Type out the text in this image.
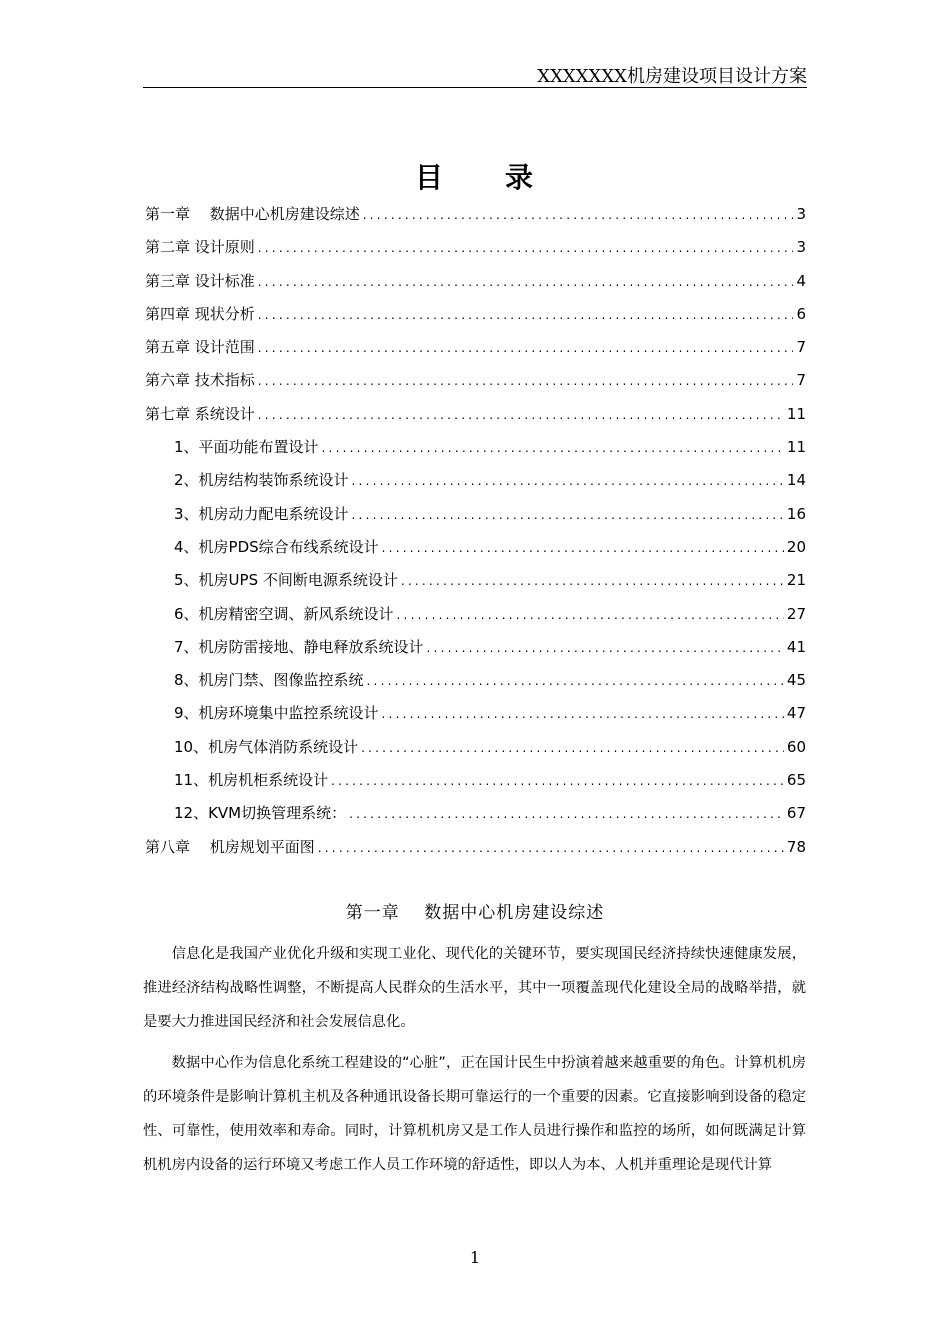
XXXXXXX机房建设项目设计方案
目 录
第一章　 数据中心机房建设综述 .....	3
第二章 设计原则 .....	3
第三章 设计标准 .....	4
第四章 现状分析 .....	6
第五章 设计范围 .....	7
第六章 技术指标 .....	7
第七章 系统设计 .....	11
1、平面功能布置设计 .....	11
2、机房结构装饰系统设计 .....	14
3、机房动力配电系统设计 .....	16
4、机房PDS综合布线系统设计 .....	20
5、机房UPS 不间断电源系统设计 .....	21
6、机房精密空调、新风系统设计 .....	27
7、机房防雷接地、静电释放系统设计 .....	41
8、机房门禁、图像监控系统 .....	45
9、机房环境集中监控系统设计 .....	47
10、机房气体消防系统设计 .....	60
11、机房机柜系统设计 .....	65
12、KVM切换管理系统： .....	67
第八章　 机房规划平面图 .....	78
第一章　 数据中心机房建设综述

信息化是我国产业优化升级和实现工业化、现代化的关键环节，要实现国民经济持续快速健康发展，推进经济结构战略性调整，不断提高人民群众的生活水平，其中一项覆盖现代化建设全局的战略举措，就是要大力推进国民经济和社会发展信息化。

数据中心作为信息化系统工程建设的“心脏”，正在国计民生中扮演着越来越重要的角色。计算机机房的环境条件是影响计算机主机及各种通讯设备长期可靠运行的一个重要的因素。它直接影响到设备的稳定性、可靠性，使用效率和寿命。同时，计算机机房又是工作人员进行操作和监控的场所，如何既满足计算机机房内设备的运行环境又考虑工作人员工作环境的舒适性，即以人为本、人机并重理论是现代计算

1
